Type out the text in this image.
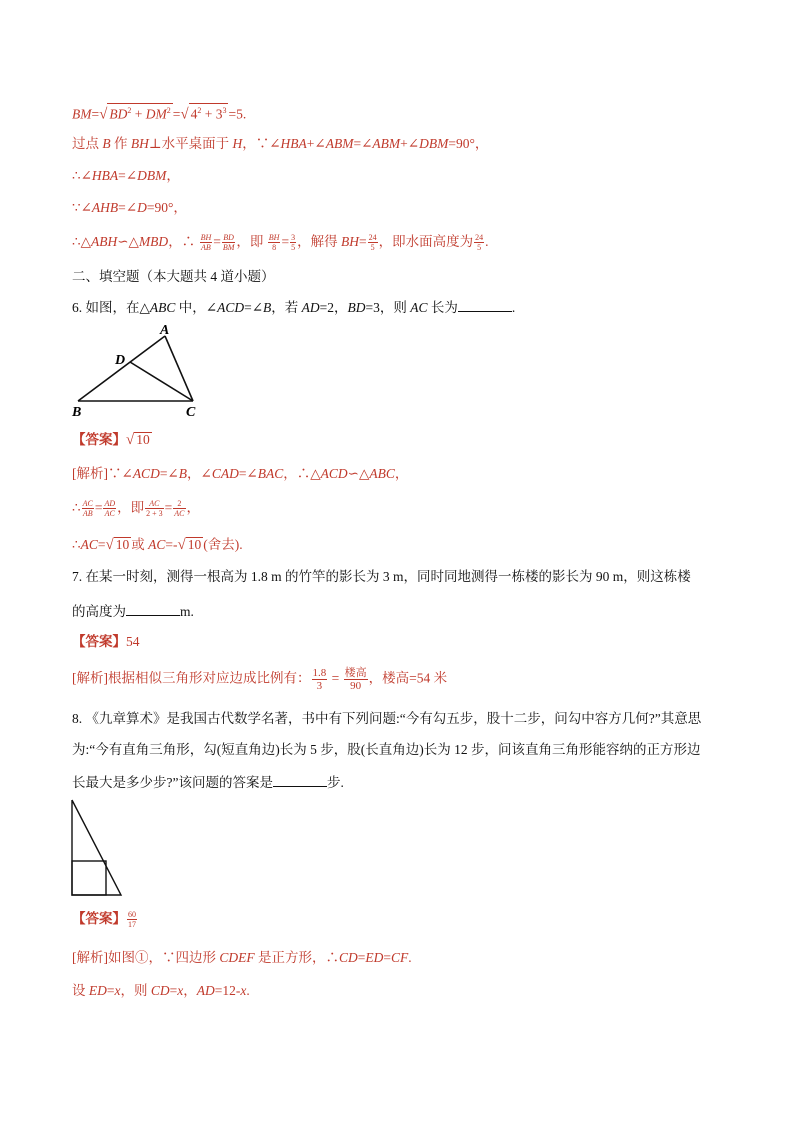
BM=√ $BD^2 + DM^2$ =√ $4^2 + 3^3 =5$.
过点 B 作 BH⊥水平桌面于 H，∵∠HBA+∠ABM=∠ABM+∠DBM=90°，
∴∠HBA=∠DBM，
∵∠AHB=∠D=90°，
∴△ABH∽△MBD，∴ $\frac{BH}{AB} = \frac{BD}{BM}$ ，即 $\frac{BH}{8} = \frac{3}{5}$ ，解得 $BH= \frac{24}{5}$ ，即水面高度为 $\frac{24}{5}$ .
二、填空题（本大题共 4 道小题）
6. 如图，在△ABC 中，∠ACD=∠B，若 AD=2，BD=3，则 AC 长为	.
A
D
B	C
【答案】√ 10
[解析]∵∠ACD=∠B，∠CAD=∠BAC，∴△ACD∽△ABC，
∴ $\frac{AC}{AB} = \frac{AD}{AC}$ ，即 $\frac{AC}{2 + 3} = \frac{2}{AC}$ ，
∴AC=√ 10 或 AC=-√ 10 (舍去).
7. 在某一时刻，测得一根高为 1.8 m 的竹竿的影长为 3 m，同时同地测得一栋楼的影长为 90 m，则这栋楼
的高度为	m.
【答案】54
[解析]根据相似三角形对应边成比例有： $\frac{1.8}{3} = \frac{\text{楼高}}{90}$ ，楼高=54 米
8. 《九章算术》是我国古代数学名著，书中有下列问题:“今有勾五步，股十二步，问勾中容方几何?”其意思
为:“今有直角三角形，勾(短直角边)长为 5 步，股(长直角边)长为 12 步，问该直角三角形能容纳的正方形边
长最大是多少步?”该问题的答案是	步.
【答案】 $\frac{60}{17}$
[解析]如图①，∵四边形 CDEF 是正方形，∴CD=ED=CF.
设 ED=x，则 CD=x，AD=12-x.
